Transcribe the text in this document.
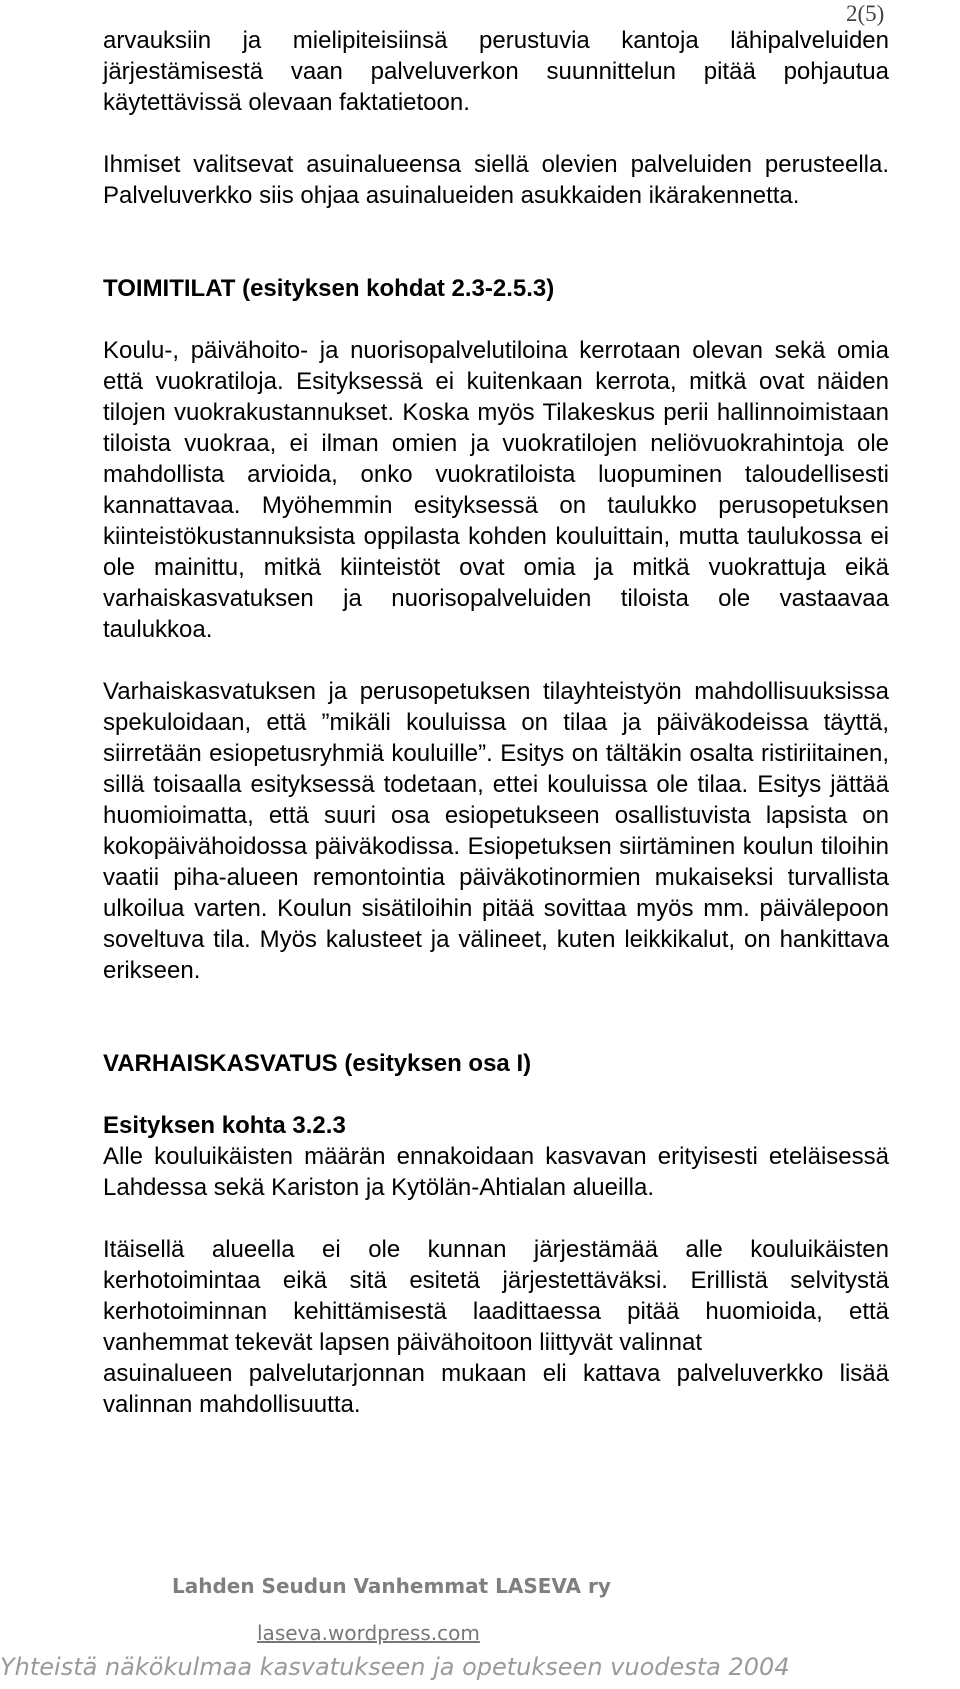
2(5)

arvauksiin ja mielipiteisiinsä perustuvia kantoja lähipalveluiden järjestämisestä vaan palveluverkon suunnittelun pitää pohjautua käytettävissä olevaan faktatietoon.

Ihmiset valitsevat asuinalueensa siellä olevien palveluiden perusteella. Palveluverkko siis ohjaa asuinalueiden asukkaiden ikärakennetta.

TOIMITILAT (esityksen kohdat 2.3-2.5.3)

Koulu-, päivähoito- ja nuorisopalvelutiloina kerrotaan olevan sekä omia että vuokratiloja. Esityksessä ei kuitenkaan kerrota, mitkä ovat näiden tilojen vuokrakustannukset. Koska myös Tilakeskus perii hallinnoimistaan tiloista vuokraa, ei ilman omien ja vuokratilojen neliövuokrahintoja ole mahdollista arvioida, onko vuokratiloista luopuminen taloudellisesti kannattavaa. Myöhemmin esityksessä on taulukko perusopetuksen kiinteistökustannuksista oppilasta kohden kouluittain, mutta taulukossa ei ole mainittu, mitkä kiinteistöt ovat omia ja mitkä vuokrattuja eikä varhaiskasvatuksen ja nuorisopalveluiden tiloista ole vastaavaa taulukkoa.

Varhaiskasvatuksen ja perusopetuksen tilayhteistyön mahdollisuuksissa spekuloidaan, että ”mikäli kouluissa on tilaa ja päiväkodeissa täyttä, siirretään esiopetusryhmiä kouluille”. Esitys on tältäkin osalta ristiriitainen, sillä toisaalla esityksessä todetaan, ettei kouluissa ole tilaa. Esitys jättää huomioimatta, että suuri osa esiopetukseen osallistuvista lapsista on kokopäivähoidossa päiväkodissa. Esiopetuksen siirtäminen koulun tiloihin vaatii piha-alueen remontointia päiväkotinormien mukaiseksi turvallista ulkoilua varten. Koulun sisätiloihin pitää sovittaa myös mm. päivälepoon soveltuva tila. Myös kalusteet ja välineet, kuten leikkikalut, on hankittava erikseen.

VARHAISKASVATUS (esityksen osa I)
Esityksen kohta 3.2.3

Alle kouluikäisten määrän ennakoidaan kasvavan erityisesti eteläisessä Lahdessa sekä Kariston ja Kytölän-Ahtialan alueilla.

Itäisellä alueella ei ole kunnan järjestämää alle kouluikäisten kerhotoimintaa eikä sitä esitetä järjestettäväksi. Erillistä selvitystä kerhotoiminnan kehittämisestä laadittaessa pitää huomioida, että vanhemmat tekevät lapsen päivähoitoon liittyvät valinnat

asuinalueen palvelutarjonnan mukaan eli kattava palveluverkko lisää valinnan mahdollisuutta.

Lahden Seudun Vanhemmat LASEVA ry
laseva.wordpress.com
Yhteistä näkökulmaa kasvatukseen ja opetukseen vuodesta 2004
